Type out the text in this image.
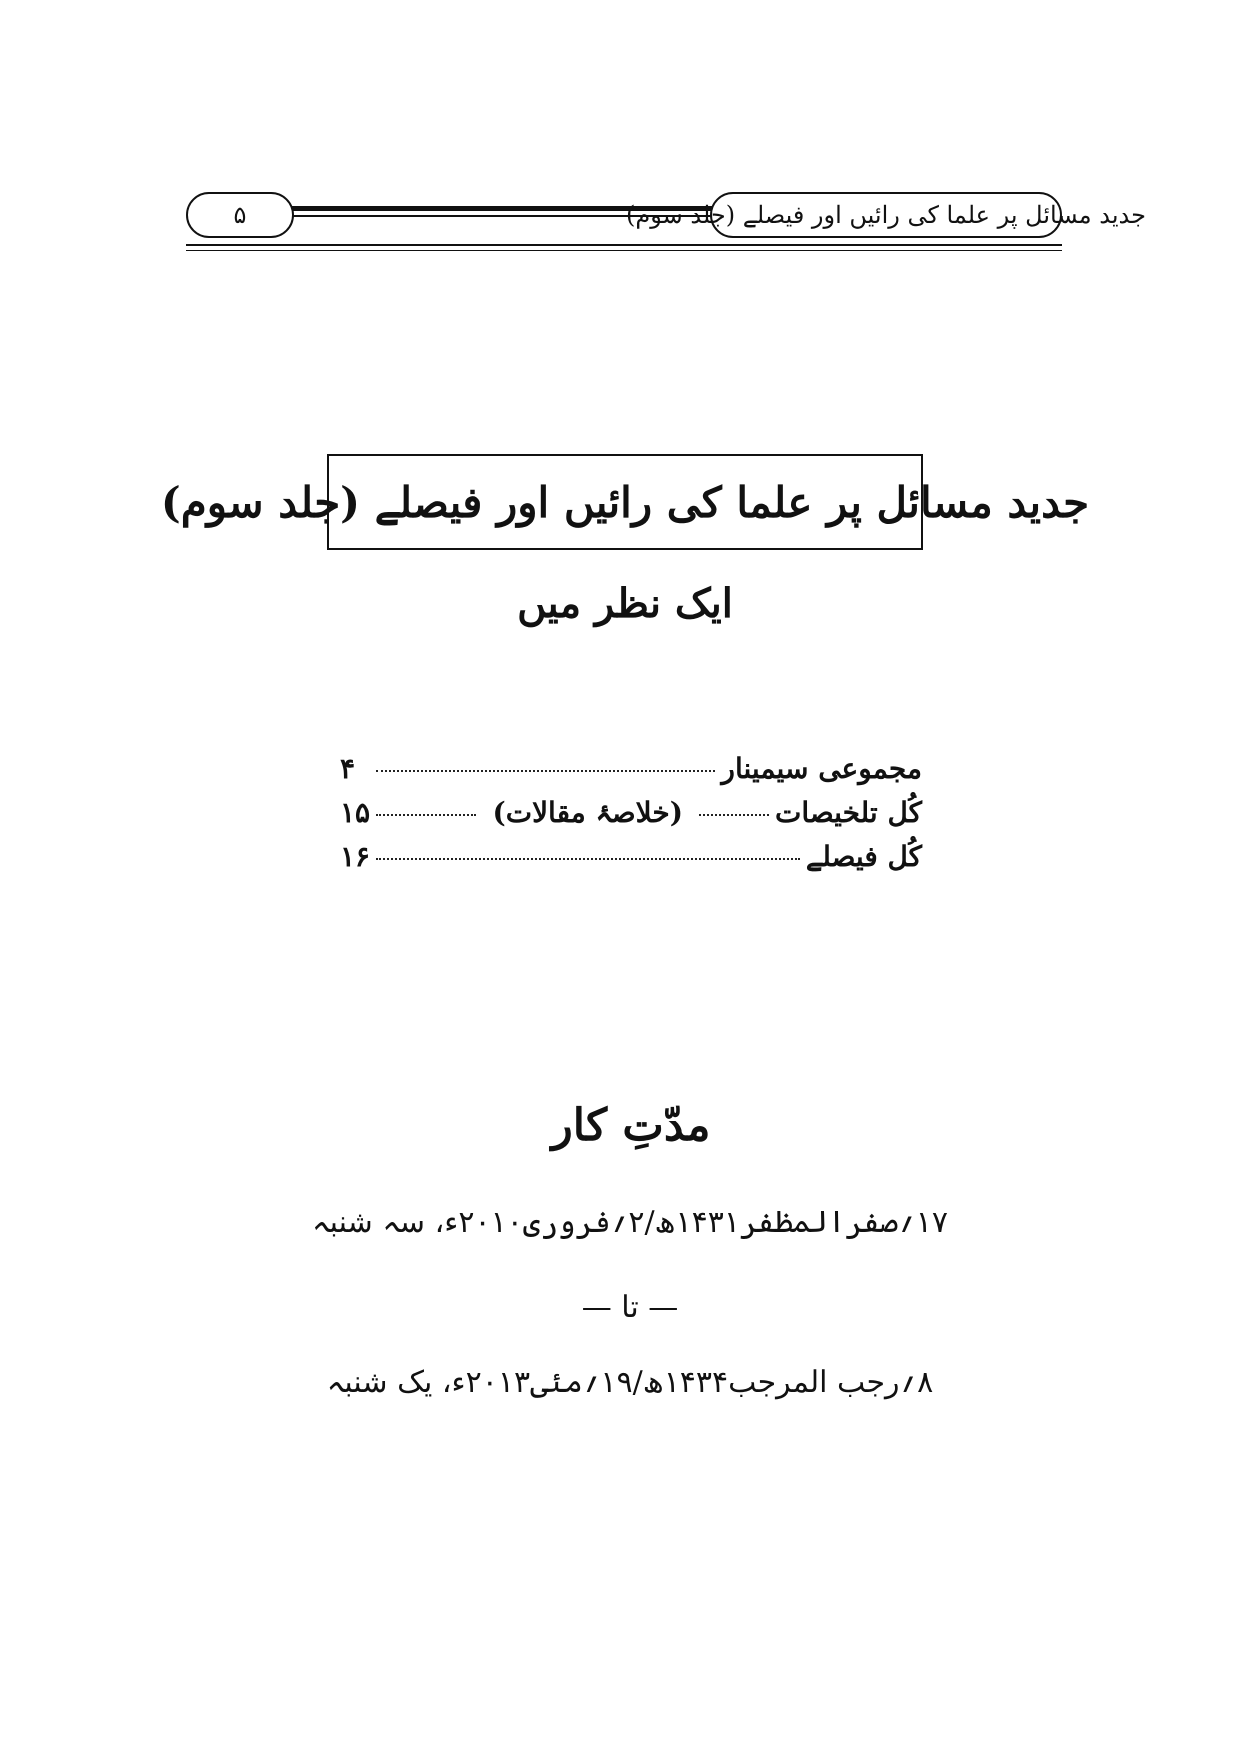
۵	جدید مسائل پر علما کی رائیں اور فیصلے (جلد سوم)
جدید مسائل پر علما کی رائیں اور فیصلے (جلد سوم)
ایک نظر میں
مجموعی سیمینار
۴
کُل تلخیصات
(خلاصۂ مقالات)
۱۵
کُل فیصلے
۱۶
مدّتِ کار
۱۷؍صفرالمظفر۱۴۳۱ھ/۲؍فروری۲۰۱۰ء، سہ شنبہ
— تا —
۸؍رجب المرجب۱۴۳۴ھ/۱۹؍مئی۲۰۱۳ء، یک شنبہ
